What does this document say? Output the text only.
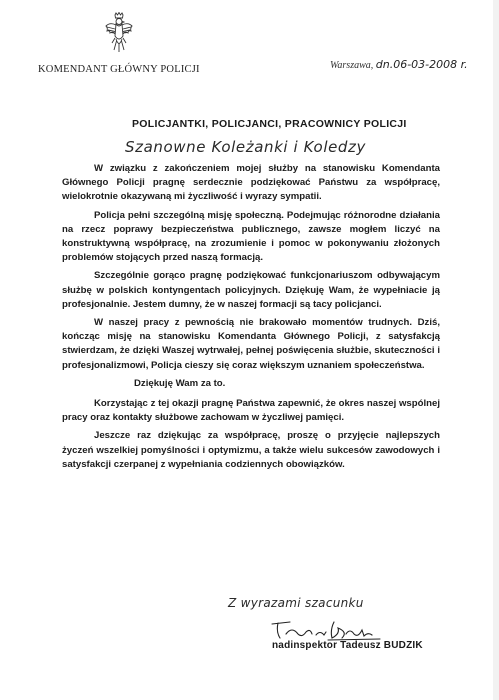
KOMENDANT GŁÓWNY POLICJI	Warszawa, dn.06-03-2008 r.
POLICJANTKI, POLICJANCI, PRACOWNICY POLICJI
Szanowne Koleżanki i Koledzy

W związku z zakończeniem mojej służby na stanowisku Komendanta Głównego Policji pragnę serdecznie podziękować Państwu za współpracę, wielokrotnie okazywaną mi życzliwość i wyrazy sympatii.

Policja pełni szczególną misję społeczną. Podejmując różnorodne działania na rzecz poprawy bezpieczeństwa publicznego, zawsze mogłem liczyć na konstruktywną współpracę, na zrozumienie i pomoc w pokonywaniu złożonych problemów stojących przed naszą formacją.

Szczególnie gorąco pragnę podziękować funkcjonariuszom odbywającym służbę w polskich kontyngentach policyjnych. Dziękuję Wam, że wypełniacie ją profesjonalnie. Jestem dumny, że w naszej formacji są tacy policjanci.

W naszej pracy z pewnością nie brakowało momentów trudnych. Dziś, kończąc misję na stanowisku Komendanta Głównego Policji, z satysfakcją stwierdzam, że dzięki Waszej wytrwałej, pełnej poświęcenia służbie, skuteczności i profesjonalizmowi, Policja cieszy się coraz większym uznaniem społeczeństwa.

Dziękuję Wam za to.

Korzystając z tej okazji pragnę Państwa zapewnić, że okres naszej wspólnej pracy oraz kontakty służbowe zachowam w życzliwej pamięci.

Jeszcze raz dziękując za współpracę, proszę o przyjęcie najlepszych życzeń wszelkiej pomyślności i optymizmu, a także wielu sukcesów zawodowych i satysfakcji czerpanej z wypełniania codziennych obowiązków.

Z wyrazami szacunku
nadinspektor Tadeusz BUDZIK
